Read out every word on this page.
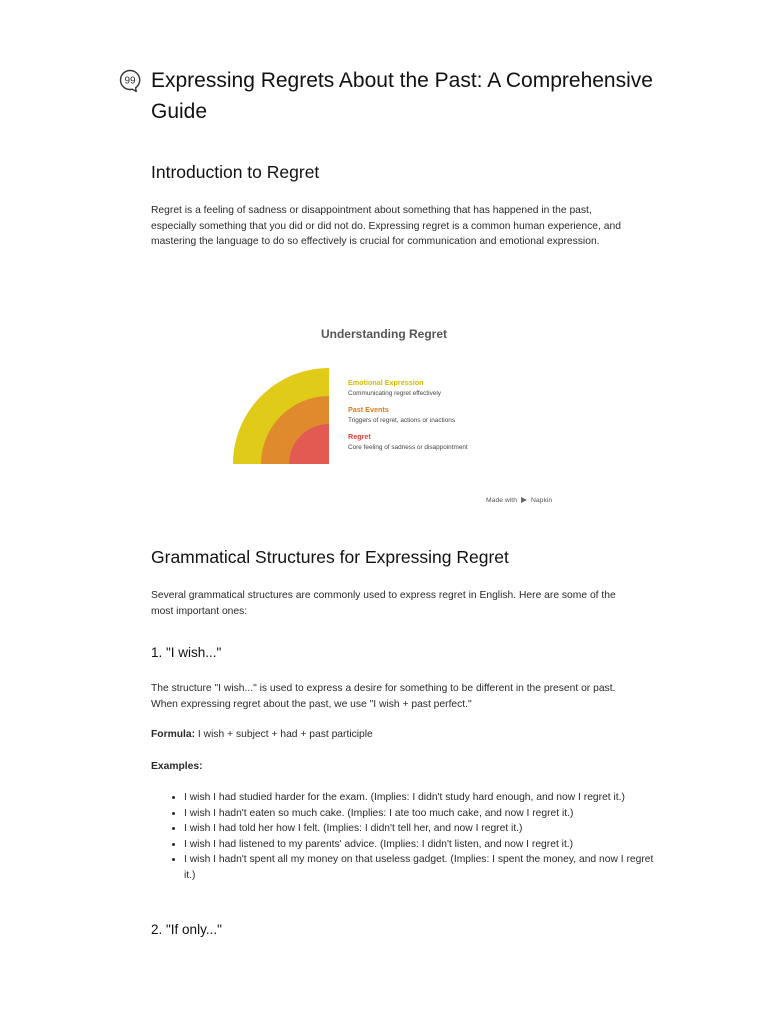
99 Expressing Regrets About the Past: A Comprehensive Guide
Introduction to Regret

Regret is a feeling of sadness or disappointment about something that has happened in the past, especially something that you did or did not do. Expressing regret is a common human experience, and mastering the language to do so effectively is crucial for communication and emotional expression.

Understanding Regret
Emotional Expression
Communicating regret effectively
Past Events
Triggers of regret, actions or inactions
Regret
Core feeling of sadness or disappointment
Made with Napkin
Grammatical Structures for Expressing Regret

Several grammatical structures are commonly used to express regret in English. Here are some of the most important ones:

1. "I wish..."

The structure "I wish..." is used to express a desire for something to be different in the present or past. When expressing regret about the past, we use "I wish + past perfect."

Formula: I wish + subject + had + past participle

Examples:

• I wish I had studied harder for the exam. (Implies: I didn't study hard enough, and now I regret it.)
• I wish I hadn't eaten so much cake. (Implies: I ate too much cake, and now I regret it.)
• I wish I had told her how I felt. (Implies: I didn't tell her, and now I regret it.)
• I wish I had listened to my parents' advice. (Implies: I didn't listen, and now I regret it.)
• I wish I hadn't spent all my money on that useless gadget. (Implies: I spent the money, and now I regret it.)
2. "If only..."
